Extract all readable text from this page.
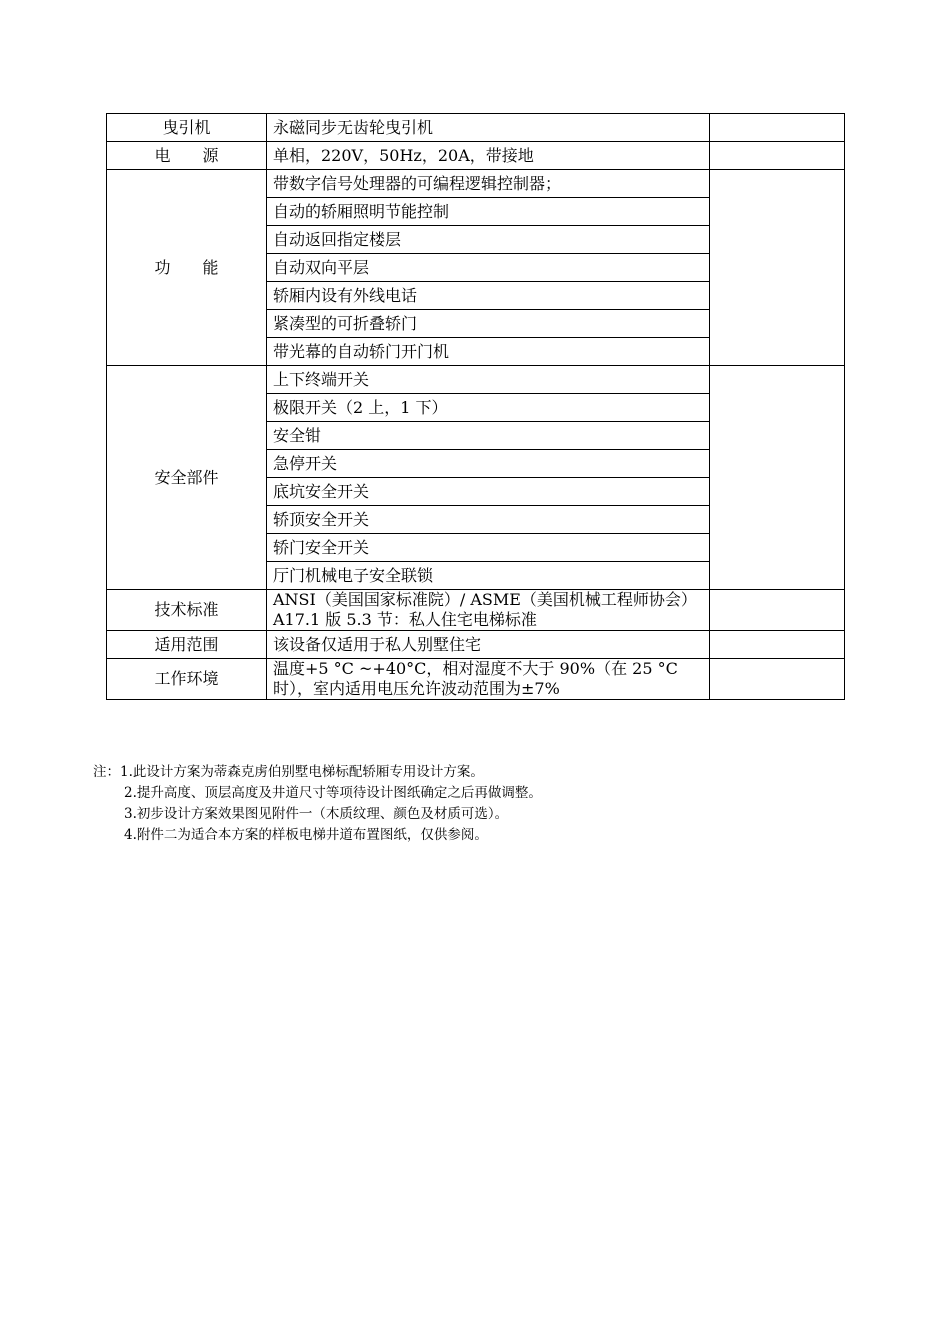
曳引机	永磁同步无齿轮曳引机	
电　　源	单相，220V，50Hz，20A，带接地	
功　　能	带数字信号处理器的可编程逻辑控制器；	
	自动的轿厢照明节能控制	
	自动返回指定楼层	
	自动双向平层	
	轿厢内设有外线电话	
	紧凑型的可折叠轿门	
	带光幕的自动轿门开门机	
安全部件	上下终端开关	
	极限开关（2 上，1 下）	
	安全钳	
	急停开关	
	底坑安全开关	
	轿顶安全开关	
	轿门安全开关	
	厅门机械电子安全联锁	
技术标准	ANSI（美国国家标准院）/ ASME（美国机械工程师协会）A17.1 版 5.3 节：私人住宅电梯标准	
适用范围	该设备仅适用于私人别墅住宅	
工作环境	温度+5 °C ~+40°C，相对湿度不大于 90%（在 25 °C时），室内适用电压允许波动范围为±7%	
注：1.此设计方案为蒂森克虏伯别墅电梯标配轿厢专用设计方案。
2.提升高度、顶层高度及井道尺寸等项待设计图纸确定之后再做调整。
3.初步设计方案效果图见附件一（木质纹理、颜色及材质可选）。
4.附件二为适合本方案的样板电梯井道布置图纸，仅供参阅。
